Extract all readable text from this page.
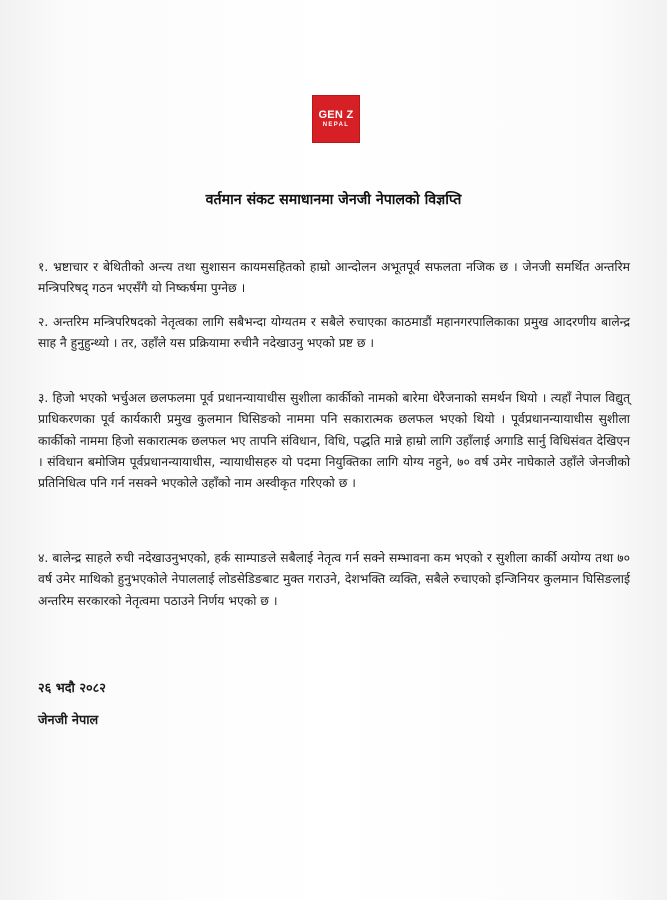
GEN Z
NEPAL
वर्तमान संकट समाधानमा जेनजी नेपालको विज्ञप्ति

१. भ्रष्टाचार र बेथितीको अन्त्य तथा सुशासन कायमसहितको हाम्रो आन्दोलन अभूतपूर्व सफलता नजिक छ । जेनजी समर्थित अन्तरिम मन्त्रिपरिषद् गठन भएसँगै यो निष्कर्षमा पुग्नेछ ।

२. अन्तरिम मन्त्रिपरिषदको नेतृत्वका लागि सबैभन्दा योग्यतम र सबैले रुचाएका काठमाडौं महानगरपालिकाका प्रमुख आदरणीय बालेन्द्र साह नै हुनुहुन्थ्यो । तर, उहाँले यस प्रक्रियामा रुचीनै नदेखाउनु भएको प्रष्ट छ ।

३. हिजो भएको भर्चुअल छलफलमा पूर्व प्रधानन्यायाधीस सुशीला कार्कीको नामको बारेमा धेरैजनाको समर्थन थियो । त्यहाँ नेपाल विद्युत् प्राधिकरणका पूर्व कार्यकारी प्रमुख कुलमान घिसिङको नाममा पनि सकारात्मक छलफल भएको थियो । पूर्वप्रधानन्यायाधीस सुशीला कार्कीको नाममा हिजो सकारात्मक छलफल भए तापनि संविधान, विधि, पद्धति मान्ने हाम्रो लागि उहाँलाई अगाडि सार्नु विधिसंवत देखिएन । संविधान बमोजिम पूर्वप्रधानन्यायाधीस, न्यायाधीसहरु यो पदमा नियुक्तिका लागि योग्य नहुने, ७० वर्ष उमेर नाघेकाले उहाँले जेनजीको प्रतिनिधित्व पनि गर्न नसक्ने भएकोले उहाँको नाम अस्वीकृत गरिएको छ ।

४. बालेन्द्र साहले रुची नदेखाउनुभएको, हर्क साम्पाङले सबैलाई नेतृत्व गर्न सक्ने सम्भावना कम भएको र सुशीला कार्की अयोग्य तथा ७० वर्ष उमेर माथिको हुनुभएकोले नेपाललाई लोडसेडिङबाट मुक्त गराउने, देशभक्ति व्यक्ति, सबैले रुचाएको इन्जिनियर कुलमान घिसिङलाई अन्तरिम सरकारको नेतृत्वमा पठाउने निर्णय भएको छ ।

२६ भदौ २०८२
जेनजी नेपाल
